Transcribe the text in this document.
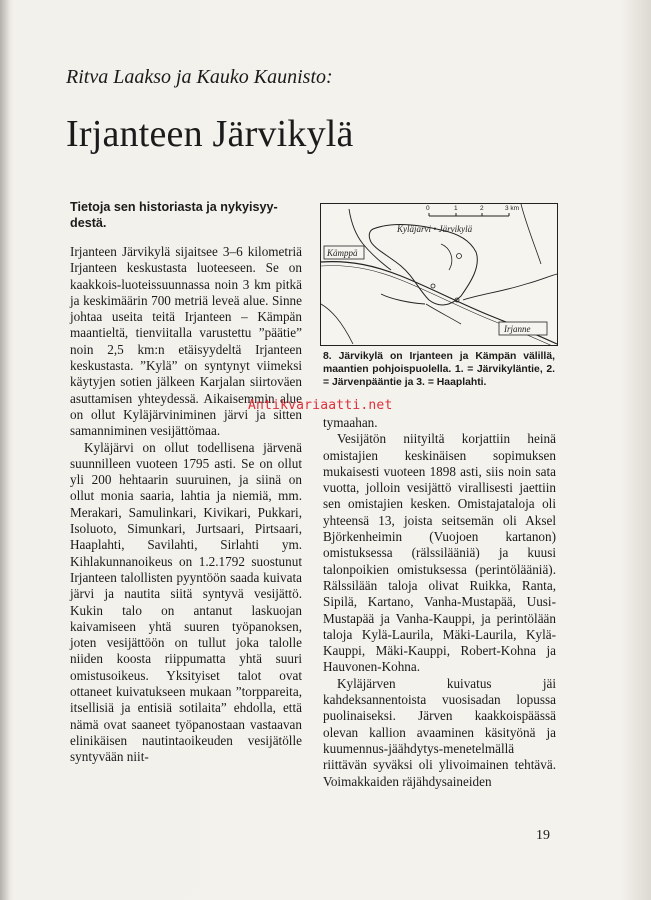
Ritva Laakso ja Kauko Kaunisto:
Irjanteen Järvikylä
Tietoja sen historiasta ja nykyisyy-destä.

Irjanteen Järvikylä sijaitsee 3–6 kilometriä Irjanteen keskustasta luoteeseen. Se on kaakkois-luoteissuunnassa noin 3 km pitkä ja keskimäärin 700 metriä leveä alue. Sinne johtaa useita teitä Irjanteen – Kämpän maantieltä, tienviitalla varustettu ”päätie” noin 2,5 km:n etäisyydeltä Irjanteen keskustasta. ”Kylä” on syntynyt viimeksi käytyjen sotien jälkeen Karjalan siirtoväen asuttamisen yhteydessä. Aikaisemmin alue on ollut Kyläjärviniminen järvi ja sitten samanniminen vesijättömaa.

Kyläjärvi on ollut todellisena järvenä suunnilleen vuoteen 1795 asti. Se on ollut yli 200 hehtaarin suuruinen, ja siinä on ollut monia saaria, lahtia ja niemiä, mm. Merakari, Samulinkari, Kivikari, Pukkari, Isoluoto, Simunkari, Jurtsaari, Pirtsaari, Haaplahti, Savilahti, Sirlahti ym. Kihlakunnanoikeus on 1.2.1792 suostunut Irjanteen talollisten pyyntöön saada kuivata järvi ja nautita siitä syntyvä vesijättö. Kukin talo on antanut laskuojan kaivamiseen yhtä suuren työpanoksen, joten vesijättöön on tullut joka talolle niiden koosta riippumatta yhtä suuri omistusoikeus. Yksityiset talot ovat ottaneet kuivatukseen mukaan ”torppareita, itsellisiä ja entisiä sotilaita” ehdolla, että nämä ovat saaneet työpanostaan vastaavan elinikäisen nautintaoikeuden vesijätölle syntyvään niit-

0	1	2	3 km
Kyläjärvi • Järvikylä
Kämppä
Irjanne
8. Järvikylä on Irjanteen ja Kämpän välillä, maantien pohjoispuolella. 1. = Järvikyläntie, 2. = Järvenpääntie ja 3. = Haaplahti.
Antikvariaatti.net

tymaahan.

Vesijätön niityiltä korjattiin heinä omistajien keskinäisen sopimuksen mukaisesti vuoteen 1898 asti, siis noin sata vuotta, jolloin vesijättö virallisesti jaettiin sen omistajien kesken. Omistajataloja oli yhteensä 13, joista seitsemän oli Aksel Björkenheimin (Vuojoen kartanon) omistuksessa (rälssilääniä) ja kuusi talonpoikien omistuksessa (perintölääniä). Rälssilään taloja olivat Ruikka, Ranta, Sipilä, Kartano, Vanha-Mustapää, Uusi-Mustapää ja Vanha-Kauppi, ja perintölään taloja Kylä-Laurila, Mäki-Laurila, Kylä-Kauppi, Mäki-Kauppi, Robert-Kohna ja Hauvonen-Kohna.

Kyläjärven kuivatus jäi kahdeksannentoista vuosisadan lopussa puolinaiseksi. Järven kaakkoispäässä olevan kallion avaaminen käsityönä ja kuumennus-jäähdytys-menetelmällä riittävän syväksi oli ylivoimainen tehtävä. Voimakkaiden räjähdysaineiden

19
